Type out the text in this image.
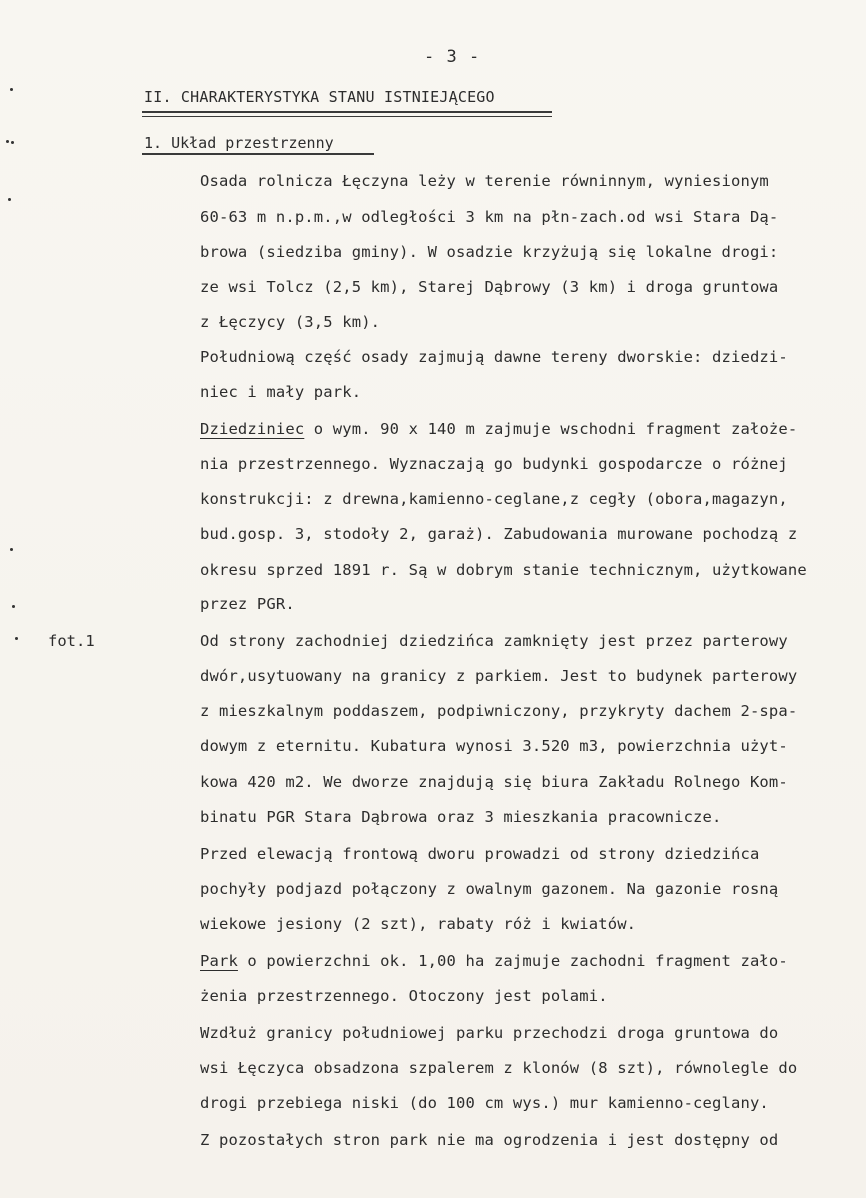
- 3 -
II. CHARAKTERYSTYKA STANU ISTNIEJĄCEGO
1. Układ przestrzenny
fot.1
Osada rolnicza Łęczyna leży w terenie równinnym, wyniesionym
60-63 m n.p.m.,w odległości 3 km na płn-zach.od wsi Stara Dą-
browa (siedziba gminy). W osadzie krzyżują się lokalne drogi:
ze wsi Tolcz (2,5 km), Starej Dąbrowy (3 km) i droga gruntowa
z Łęczycy (3,5 km).
Południową część osady zajmują dawne tereny dworskie: dziedzi-
niec i mały park.
Dziedziniec o wym. 90 x 140 m zajmuje wschodni fragment założe-
nia przestrzennego. Wyznaczają go budynki gospodarcze o różnej
konstrukcji: z drewna,kamienno-ceglane,z cegły (obora,magazyn,
bud.gosp. 3, stodoły 2, garaż). Zabudowania murowane pochodzą z
okresu sprzed 1891 r. Są w dobrym stanie technicznym, użytkowane
przez PGR.
Od strony zachodniej dziedzińca zamknięty jest przez parterowy
dwór,usytuowany na granicy z parkiem. Jest to budynek parterowy
z mieszkalnym poddaszem, podpiwniczony, przykryty dachem 2-spa-
dowym z eternitu. Kubatura wynosi 3.520 m3, powierzchnia użyt-
kowa 420 m2. We dworze znajdują się biura Zakładu Rolnego Kom-
binatu PGR Stara Dąbrowa oraz 3 mieszkania pracownicze.
Przed elewacją frontową dworu prowadzi od strony dziedzińca
pochyły podjazd połączony z owalnym gazonem. Na gazonie rosną
wiekowe jesiony (2 szt), rabaty róż i kwiatów.
Park o powierzchni ok. 1,00 ha zajmuje zachodni fragment zało-
żenia przestrzennego. Otoczony jest polami.
Wzdłuż granicy południowej parku przechodzi droga gruntowa do
wsi Łęczyca obsadzona szpalerem z klonów (8 szt), równolegle do
drogi przebiega niski (do 100 cm wys.) mur kamienno-ceglany.
Z pozostałych stron park nie ma ogrodzenia i jest dostępny od
